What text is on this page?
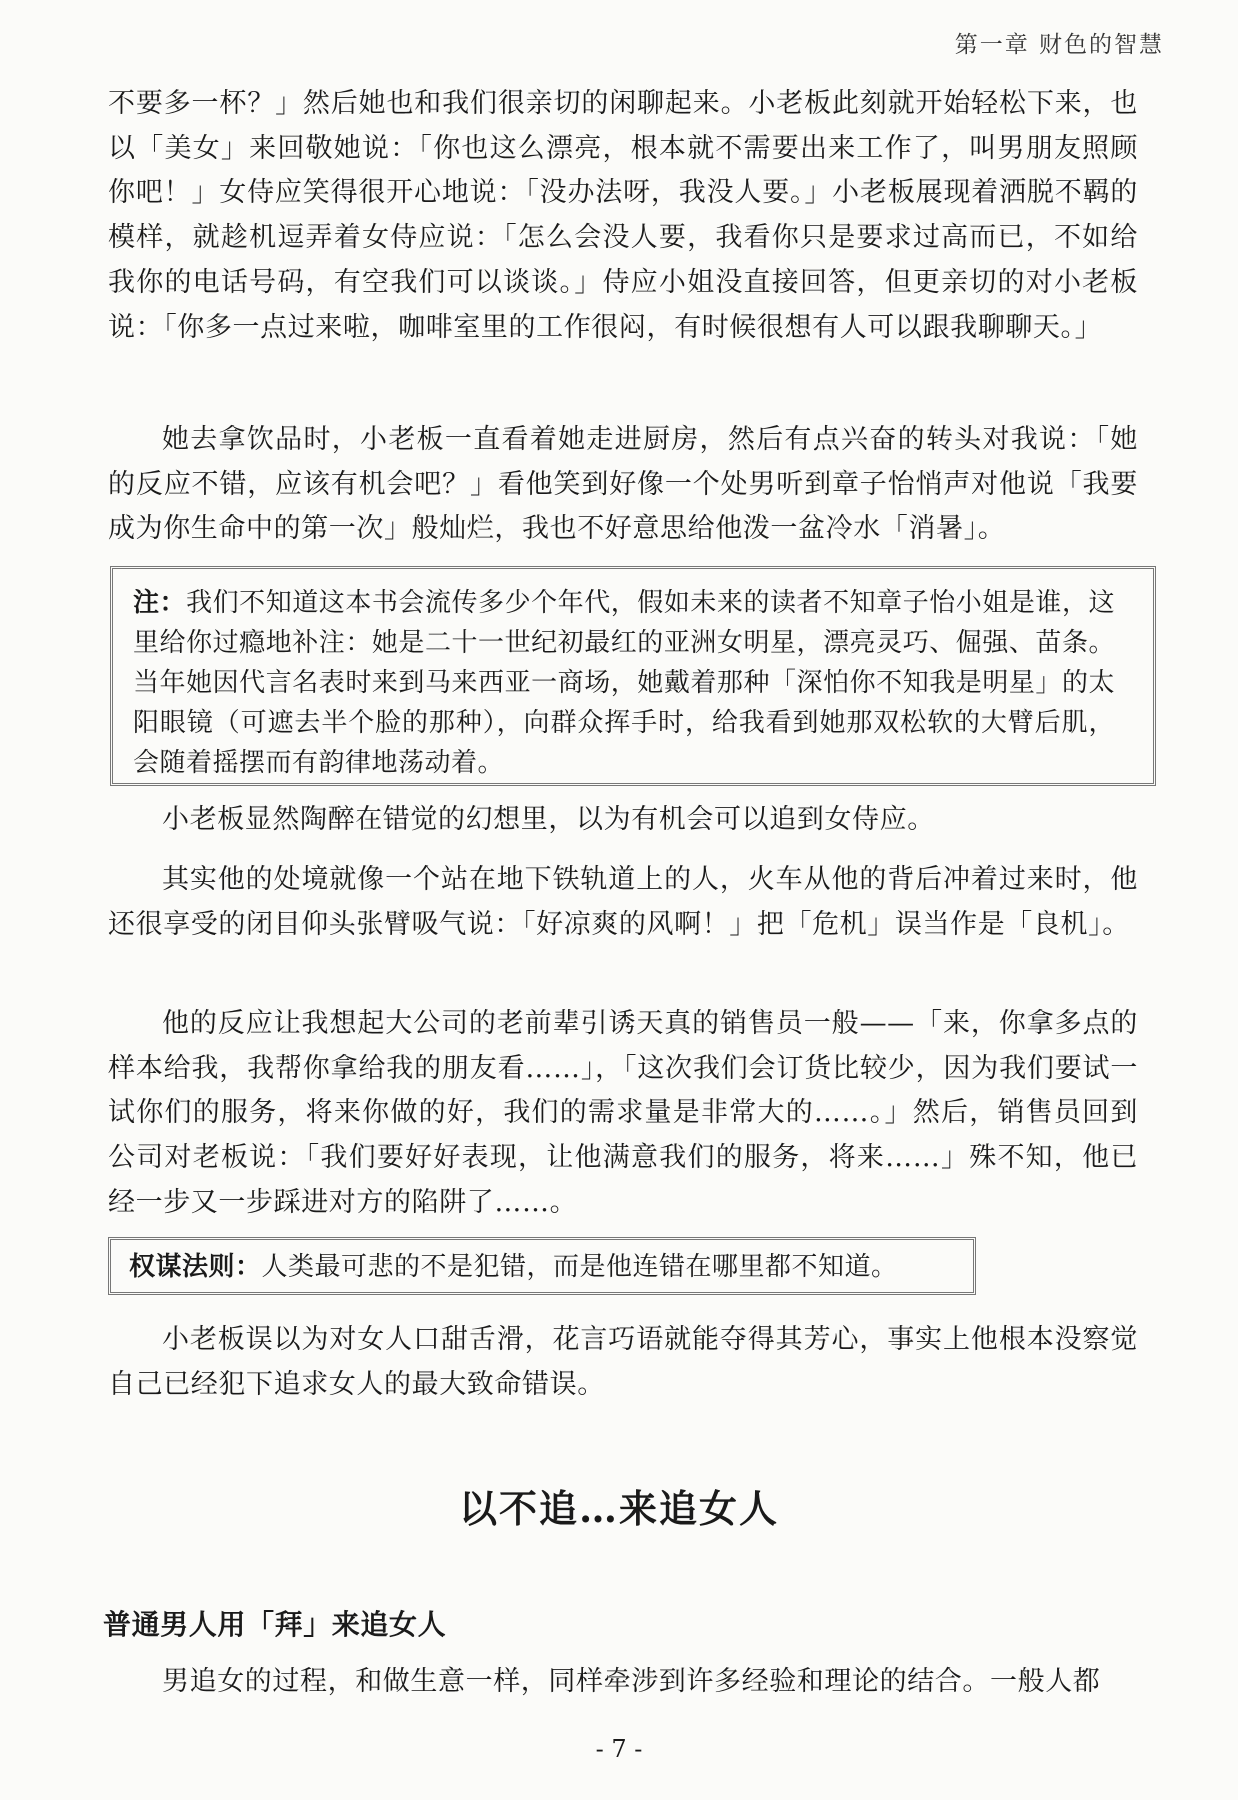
第一章 财色的智慧

不要多一杯？」然后她也和我们很亲切的闲聊起来。小老板此刻就开始轻松下来，也以「美女」来回敬她说：「你也这么漂亮，根本就不需要出来工作了，叫男朋友照顾你吧！」女侍应笑得很开心地说：「没办法呀，我没人要。」小老板展现着洒脱不羁的模样，就趁机逗弄着女侍应说：「怎么会没人要，我看你只是要求过高而已，不如给我你的电话号码，有空我们可以谈谈。」侍应小姐没直接回答，但更亲切的对小老板说：「你多一点过来啦，咖啡室里的工作很闷，有时候很想有人可以跟我聊聊天。」

她去拿饮品时，小老板一直看着她走进厨房，然后有点兴奋的转头对我说：「她的反应不错，应该有机会吧？」看他笑到好像一个处男听到章子怡悄声对他说「我要成为你生命中的第一次」般灿烂，我也不好意思给他泼一盆冷水「消暑」。

注：我们不知道这本书会流传多少个年代，假如未来的读者不知章子怡小姐是谁，这里给你过瘾地补注：她是二十一世纪初最红的亚洲女明星，漂亮灵巧、倔强、苗条。当年她因代言名表时来到马来西亚一商场，她戴着那种「深怕你不知我是明星」的太阳眼镜（可遮去半个脸的那种），向群众挥手时，给我看到她那双松软的大臂后肌，会随着摇摆而有韵律地荡动着。

小老板显然陶醉在错觉的幻想里，以为有机会可以追到女侍应。

其实他的处境就像一个站在地下铁轨道上的人，火车从他的背后冲着过来时，他还很享受的闭目仰头张臂吸气说：「好凉爽的风啊！」把「危机」误当作是「良机」。

他的反应让我想起大公司的老前辈引诱天真的销售员一般——「来，你拿多点的样本给我，我帮你拿给我的朋友看……」，「这次我们会订货比较少，因为我们要试一试你们的服务，将来你做的好，我们的需求量是非常大的……。」然后，销售员回到公司对老板说：「我们要好好表现，让他满意我们的服务，将来……」殊不知，他已经一步又一步踩进对方的陷阱了……。

权谋法则：人类最可悲的不是犯错，而是他连错在哪里都不知道。

小老板误以为对女人口甜舌滑，花言巧语就能夺得其芳心，事实上他根本没察觉自己已经犯下追求女人的最大致命错误。

以不追…来追女人
普通男人用「拜」来追女人

男追女的过程，和做生意一样，同样牵涉到许多经验和理论的结合。一般人都

- 7 -
